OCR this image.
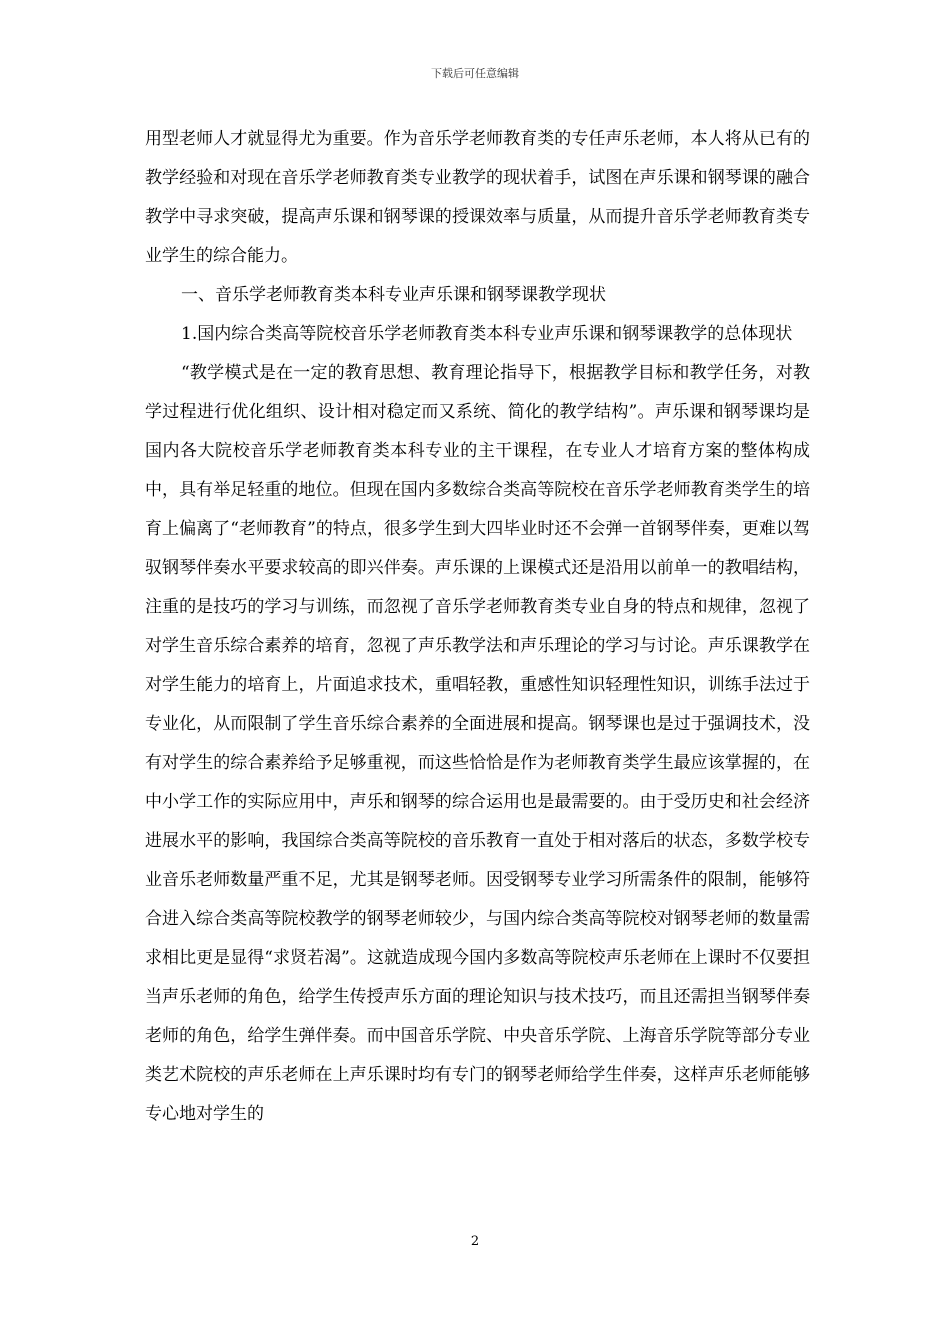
下载后可任意编辑

用型老师人才就显得尤为重要。作为音乐学老师教育类的专任声乐老师，本人将从已有的教学经验和对现在音乐学老师教育类专业教学的现状着手，试图在声乐课和钢琴课的融合教学中寻求突破，提高声乐课和钢琴课的授课效率与质量，从而提升音乐学老师教育类专业学生的综合能力。

一、音乐学老师教育类本科专业声乐课和钢琴课教学现状

1.国内综合类高等院校音乐学老师教育类本科专业声乐课和钢琴课教学的总体现状

“教学模式是在一定的教育思想、教育理论指导下，根据教学目标和教学任务，对教学过程进行优化组织、设计相对稳定而又系统、简化的教学结构”。声乐课和钢琴课均是国内各大院校音乐学老师教育类本科专业的主干课程，在专业人才培育方案的整体构成中，具有举足轻重的地位。但现在国内多数综合类高等院校在音乐学老师教育类学生的培育上偏离了“老师教育”的特点，很多学生到大四毕业时还不会弹一首钢琴伴奏，更难以驾驭钢琴伴奏水平要求较高的即兴伴奏。声乐课的上课模式还是沿用以前单一的教唱结构，注重的是技巧的学习与训练，而忽视了音乐学老师教育类专业自身的特点和规律，忽视了对学生音乐综合素养的培育，忽视了声乐教学法和声乐理论的学习与讨论。声乐课教学在对学生能力的培育上，片面追求技术，重唱轻教，重感性知识轻理性知识，训练手法过于专业化，从而限制了学生音乐综合素养的全面进展和提高。钢琴课也是过于强调技术，没有对学生的综合素养给予足够重视，而这些恰恰是作为老师教育类学生最应该掌握的，在中小学工作的实际应用中，声乐和钢琴的综合运用也是最需要的。由于受历史和社会经济进展水平的影响，我国综合类高等院校的音乐教育一直处于相对落后的状态，多数学校专业音乐老师数量严重不足，尤其是钢琴老师。因受钢琴专业学习所需条件的限制，能够符合进入综合类高等院校教学的钢琴老师较少，与国内综合类高等院校对钢琴老师的数量需求相比更是显得“求贤若渴”。这就造成现今国内多数高等院校声乐老师在上课时不仅要担当声乐老师的角色，给学生传授声乐方面的理论知识与技术技巧，而且还需担当钢琴伴奏老师的角色，给学生弹伴奏。而中国音乐学院、中央音乐学院、上海音乐学院等部分专业类艺术院校的声乐老师在上声乐课时均有专门的钢琴老师给学生伴奏，这样声乐老师能够专心地对学生的

2
